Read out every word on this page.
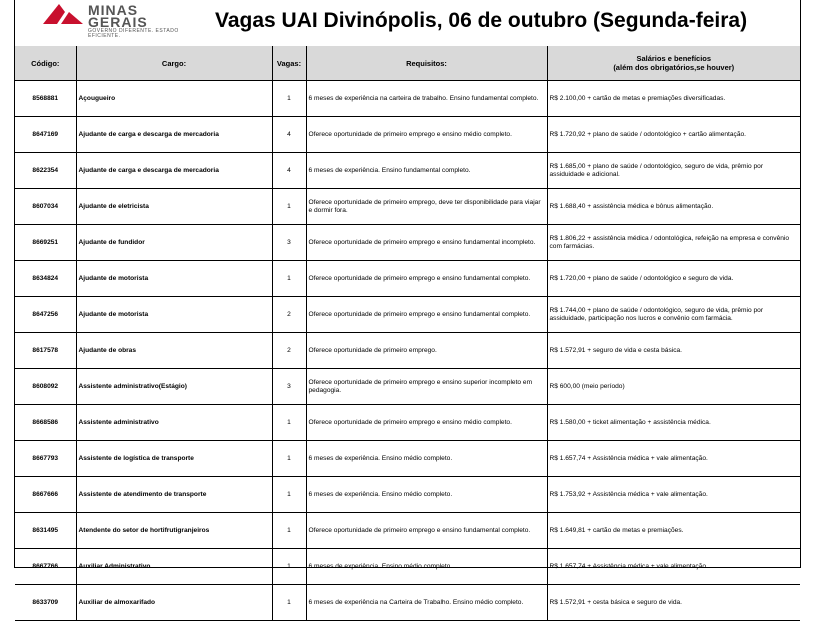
MINAS
GERAIS
GOVERNO DIFERENTE. ESTADO EFICIENTE.
Vagas UAI Divinópolis, 06 de outubro (Segunda-feira)
Código:	Cargo:	Vagas:	Requisitos:	Salários e benefícios
(além dos obrigatórios,se houver)

8568881	Açougueiro	1	6 meses de experiência na carteira de trabalho. Ensino fundamental completo.	R$ 2.100,00 + cartão de metas e premiações diversificadas.
8647169	Ajudante de carga e descarga de mercadoria	4	Oferece oportunidade de primeiro emprego e ensino médio completo.	R$ 1.720,92 + plano de saúde / odontológico + cartão alimentação.
8622354	Ajudante de carga e descarga de mercadoria	4	6 meses de experiência. Ensino fundamental completo.	R$ 1.685,00 + plano de saúde / odontológico, seguro de vida, prêmio por assiduidade e adicional.
8607034	Ajudante de eletricista	1	Oferece oportunidade de primeiro emprego, deve ter disponibilidade para viajar e dormir fora.	R$ 1.688,40 + assistência médica e bônus alimentação.
8669251	Ajudante de fundidor	3	Oferece oportunidade de primeiro emprego e ensino fundamental incompleto.	R$ 1.806,22 + assistência médica / odontológica, refeição na empresa e convênio com farmácias.
8634824	Ajudante de motorista	1	Oferece oportunidade de primeiro emprego e ensino fundamental completo.	R$ 1.720,00 + plano de saúde / odontológico e seguro de vida.
8647256	Ajudante de motorista	2	Oferece oportunidade de primeiro emprego e ensino fundamental completo.	R$ 1.744,00 + plano de saúde / odontológico, seguro de vida, prêmio por assiduidade, participação nos lucros e convênio com farmácia.
8617578	Ajudante de obras	2	Oferece oportunidade de primeiro emprego.	R$ 1.572,91 + seguro de vida e cesta básica.
8608092	Assistente administrativo(Estágio)	3	Oferece oportunidade de primeiro emprego e ensino superior incompleto em pedagogia.	R$ 600,00 (meio período)
8668586	Assistente administrativo	1	Oferece oportunidade de primeiro emprego e ensino médio completo.	R$ 1.580,00 + ticket alimentação + assistência médica.
8667793	Assistente de logística de transporte	1	6 meses de experiência. Ensino médio completo.	R$ 1.657,74 + Assistência médica + vale alimentação.
8667666	Assistente de atendimento de transporte	1	6 meses de experiência. Ensino médio completo.	R$ 1.753,92 + Assistência médica + vale alimentação.
8631495	Atendente do setor de hortifrutigranjeiros	1	Oferece oportunidade de primeiro emprego e ensino fundamental completo.	R$ 1.649,81 + cartão de metas e premiações.
8667766	Auxiliar Administrativo	1	6 meses de experiência. Ensino médio completo.	R$ 1.657,74 + Assistência médica + vale alimentação.
8633709	Auxiliar de almoxarifado	1	6 meses de experiência na Carteira de Trabalho. Ensino médio completo.	R$ 1.572,91 + cesta básica e seguro de vida.
